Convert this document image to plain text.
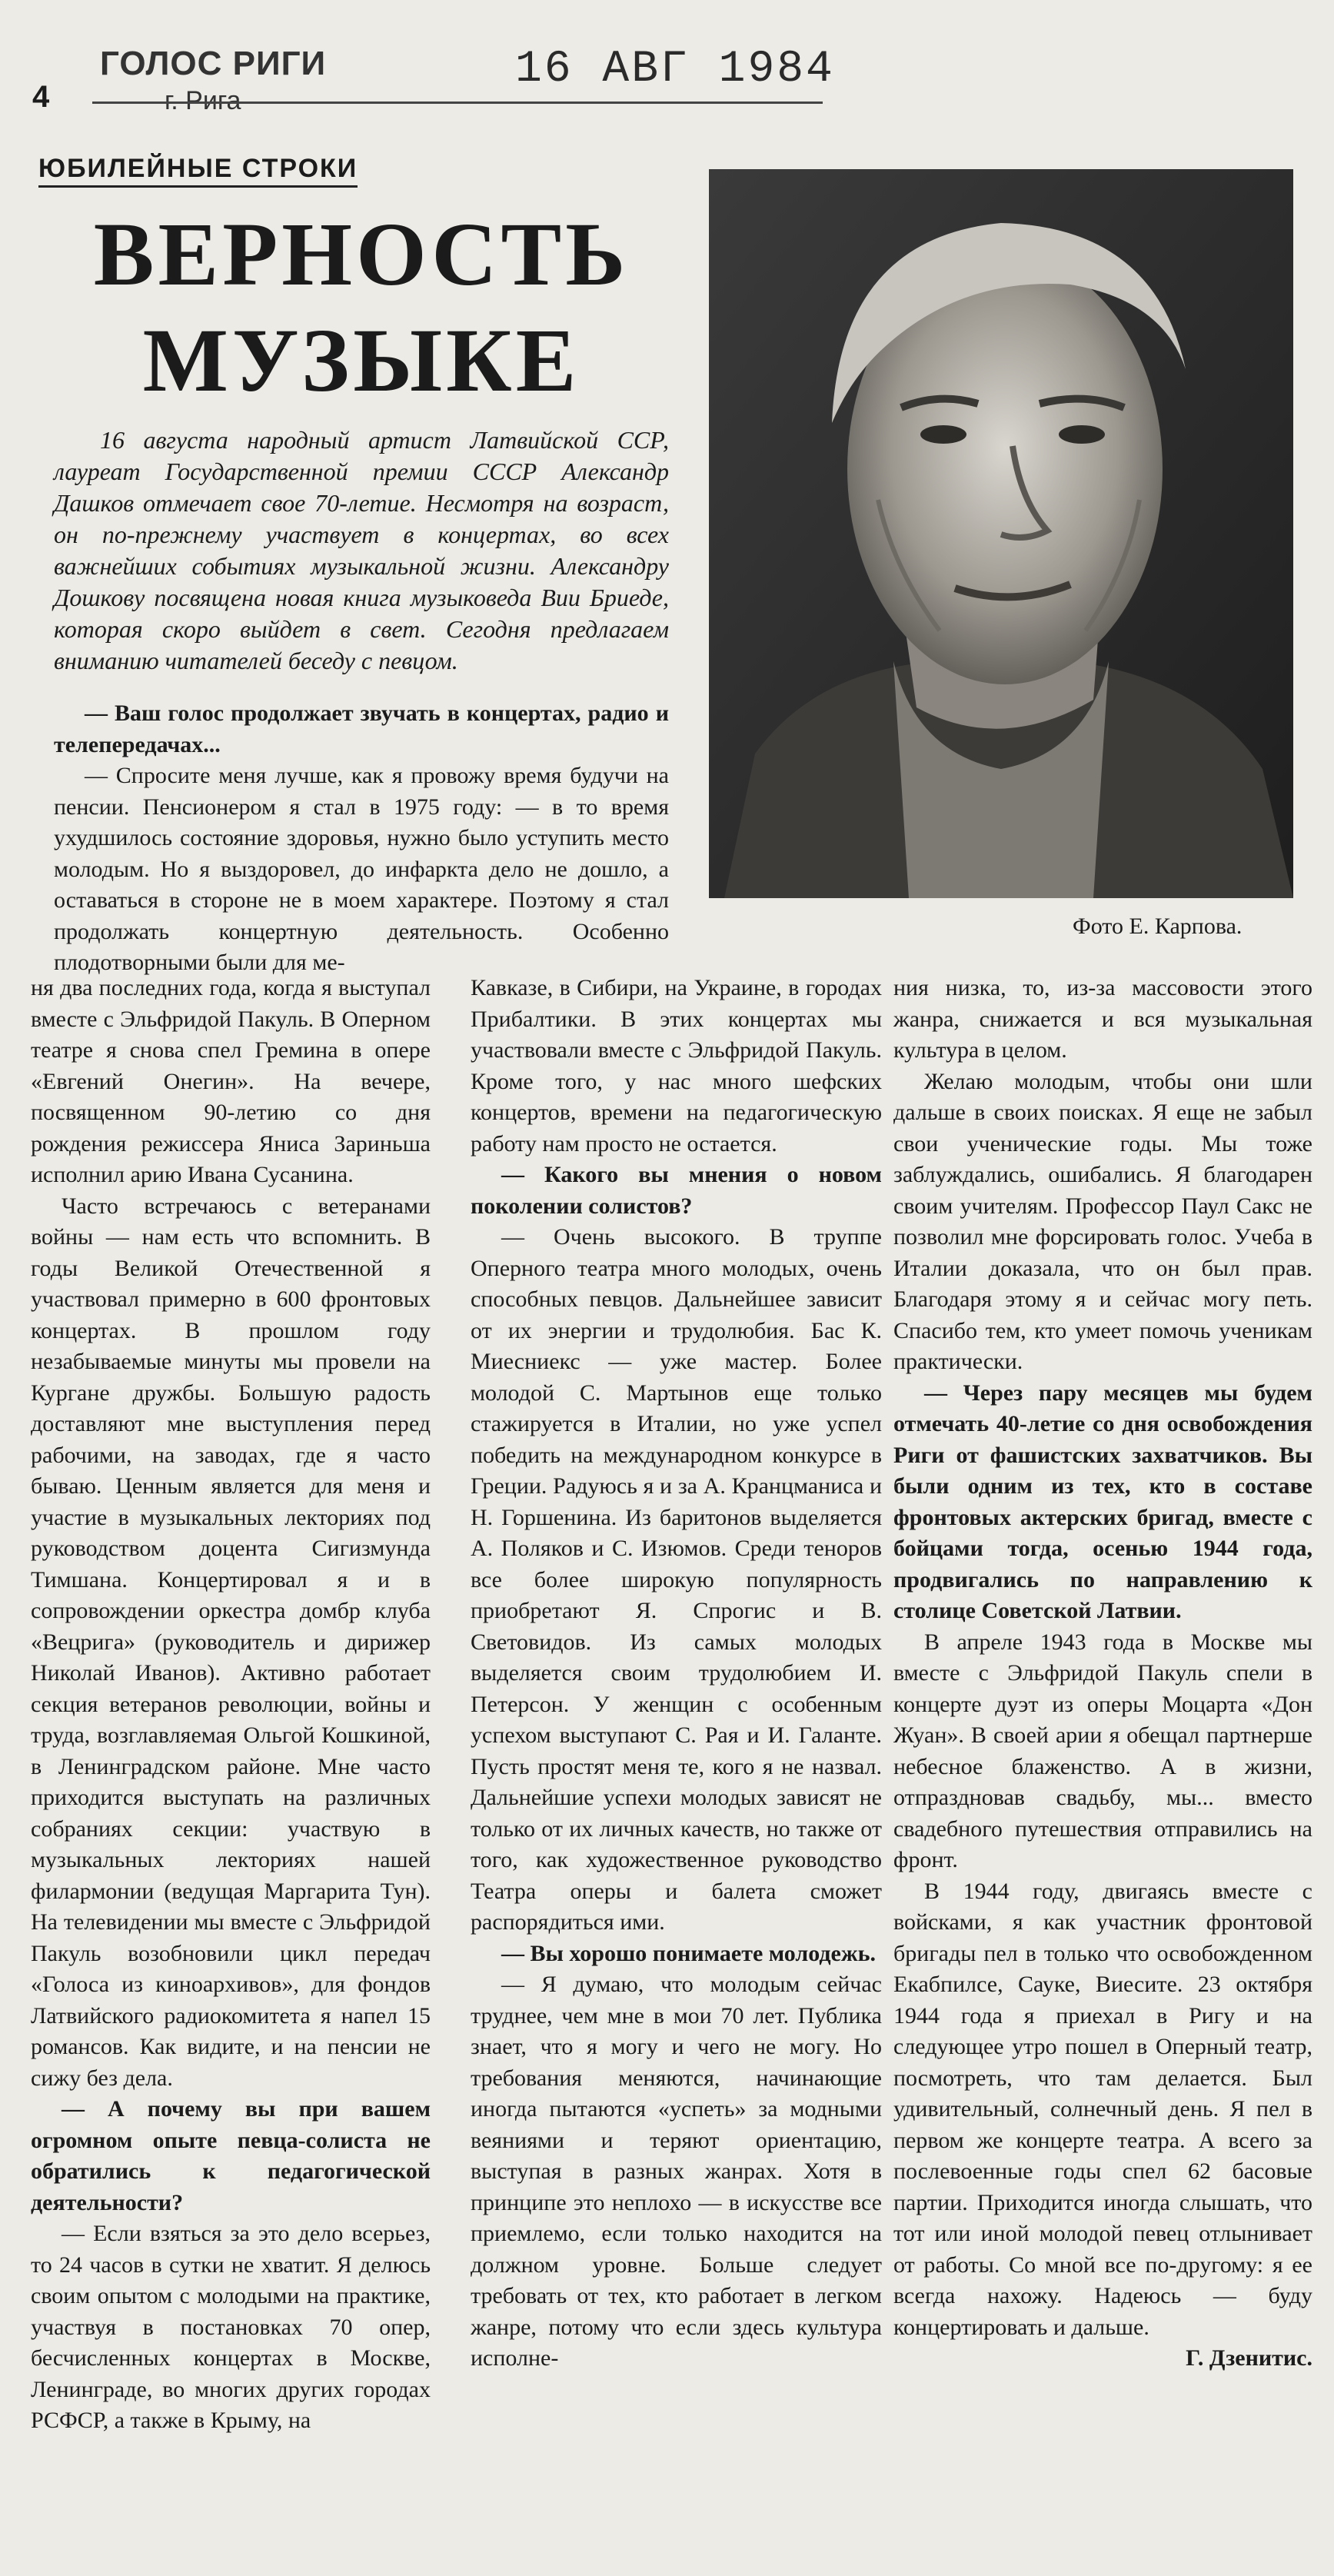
4
ГОЛОС РИГИ
г. Рига
16 АВГ 1984
ЮБИЛЕЙНЫЕ СТРОКИ
ВЕРНОСТЬ МУЗЫКЕ
Фото Е. Карпова.
16 августа народный артист Латвийской ССР, лауреат Государственной премии СССР Александр Дашков отмечает свое 70-летие. Несмотря на возраст, он по-прежнему участвует в концертах, во всех важнейших событиях музыкальной жизни. Александру Дошкову посвящена новая книга музыковеда Вии Бриеде, которая скоро выйдет в свет. Сегодня предлагаем вниманию читателей беседу с певцом.

— Ваш голос продолжает звучать в концертах, радио и телепередачах...

— Спросите меня лучше, как я провожу время будучи на пенсии. Пенсионером я стал в 1975 году: — в то время ухудшилось состояние здоровья, нужно было уступить место молодым. Но я выздоровел, до инфаркта дело не дошло, а оставаться в стороне не в моем характере. Поэтому я стал продолжать концертную деятельность. Особенно плодотворными были для ме-

ня два последних года, когда я выступал вместе с Эльфридой Пакуль. В Оперном театре я снова спел Гремина в опере «Евгений Онегин». На вечере, посвященном 90-летию со дня рождения режиссера Яниса Зариньша исполнил арию Ивана Сусанина.

Часто встречаюсь с ветеранами войны — нам есть что вспомнить. В годы Великой Отечественной я участвовал примерно в 600 фронтовых концертах. В прошлом году незабываемые минуты мы провели на Кургане дружбы. Большую радость доставляют мне выступления перед рабочими, на заводах, где я часто бываю. Ценным является для меня и участие в музыкальных лекториях под руководством доцента Сигизмунда Тимшана. Концертировал я и в сопровождении оркестра домбр клуба «Вецрига» (руководитель и дирижер Николай Иванов). Активно работает секция ветеранов революции, войны и труда, возглавляемая Ольгой Кошкиной, в Ленинградском районе. Мне часто приходится выступать на различных собраниях секции: участвую в музыкальных лекториях нашей филармонии (ведущая Маргарита Тун). На телевидении мы вместе с Эльфридой Пакуль возобновили цикл передач «Голоса из киноархивов», для фондов Латвийского радиокомитета я напел 15 романсов. Как видите, и на пенсии не сижу без дела.

— А почему вы при вашем огромном опыте певца-солиста не обратились к педагогической деятельности?

— Если взяться за это дело всерьез, то 24 часов в сутки не хватит. Я делюсь своим опытом с молодыми на практике, участвуя в постановках 70 опер, бесчисленных концертах в Москве, Ленинграде, во многих других городах РСФСР, а также в Крыму, на

Кавказе, в Сибири, на Украине, в городах Прибалтики. В этих концертах мы участвовали вместе с Эльфридой Пакуль. Кроме того, у нас много шефских концертов, времени на педагогическую работу нам просто не остается.

— Какого вы мнения о новом поколении солистов?

— Очень высокого. В труппе Оперного театра много молодых, очень способных певцов. Дальнейшее зависит от их энергии и трудолюбия. Бас К. Миесниекс — уже мастер. Более молодой С. Мартынов еще только стажируется в Италии, но уже успел победить на международном конкурсе в Греции. Радуюсь я и за А. Кранцманиса и Н. Горшенина. Из баритонов выделяется А. Поляков и С. Изюмов. Среди теноров все более широкую популярность приобретают Я. Спрогис и В. Световидов. Из самых молодых выделяется своим трудолюбием И. Петерсон. У женщин с особенным успехом выступают С. Рая и И. Галанте. Пусть простят меня те, кого я не назвал. Дальнейшие успехи молодых зависят не только от их личных качеств, но также от того, как художественное руководство Театра оперы и балета сможет распорядиться ими.

— Вы хорошо понимаете молодежь.

— Я думаю, что молодым сейчас труднее, чем мне в мои 70 лет. Публика знает, что я могу и чего не могу. Но требования меняются, начинающие иногда пытаются «успеть» за модными веяниями и теряют ориентацию, выступая в разных жанрах. Хотя в принципе это неплохо — в искусстве все приемлемо, если только находится на должном уровне. Больше следует требовать от тех, кто работает в легком жанре, потому что если здесь культура исполне-

ния низка, то, из-за массовости этого жанра, снижается и вся музыкальная культура в целом.

Желаю молодым, чтобы они шли дальше в своих поисках. Я еще не забыл свои ученические годы. Мы тоже заблуждались, ошибались. Я благодарен своим учителям. Профессор Паул Сакс не позволил мне форсировать голос. Учеба в Италии доказала, что он был прав. Благодаря этому я и сейчас могу петь. Спасибо тем, кто умеет помочь ученикам практически.

— Через пару месяцев мы будем отмечать 40-летие со дня освобождения Риги от фашистских захватчиков. Вы были одним из тех, кто в составе фронтовых актерских бригад, вместе с бойцами тогда, осенью 1944 года, продвигались по направлению к столице Советской Латвии.

В апреле 1943 года в Москве мы вместе с Эльфридой Пакуль спели в концерте дуэт из оперы Моцарта «Дон Жуан». В своей арии я обещал партнерше небесное блаженство. А в жизни, отпраздновав свадьбу, мы... вместо свадебного путешествия отправились на фронт.

В 1944 году, двигаясь вместе с войсками, я как участник фронтовой бригады пел в только что освобожденном Екабпилсе, Сауке, Виесите. 23 октября 1944 года я приехал в Ригу и на следующее утро пошел в Оперный театр, посмотреть, что там делается. Был удивительный, солнечный день. Я пел в первом же концерте театра. А всего за послевоенные годы спел 62 басовые партии. Приходится иногда слышать, что тот или иной молодой певец отлынивает от работы. Со мной все по-другому: я ее всегда нахожу. Надеюсь — буду концертировать и дальше.

Г. Дзенитис.
